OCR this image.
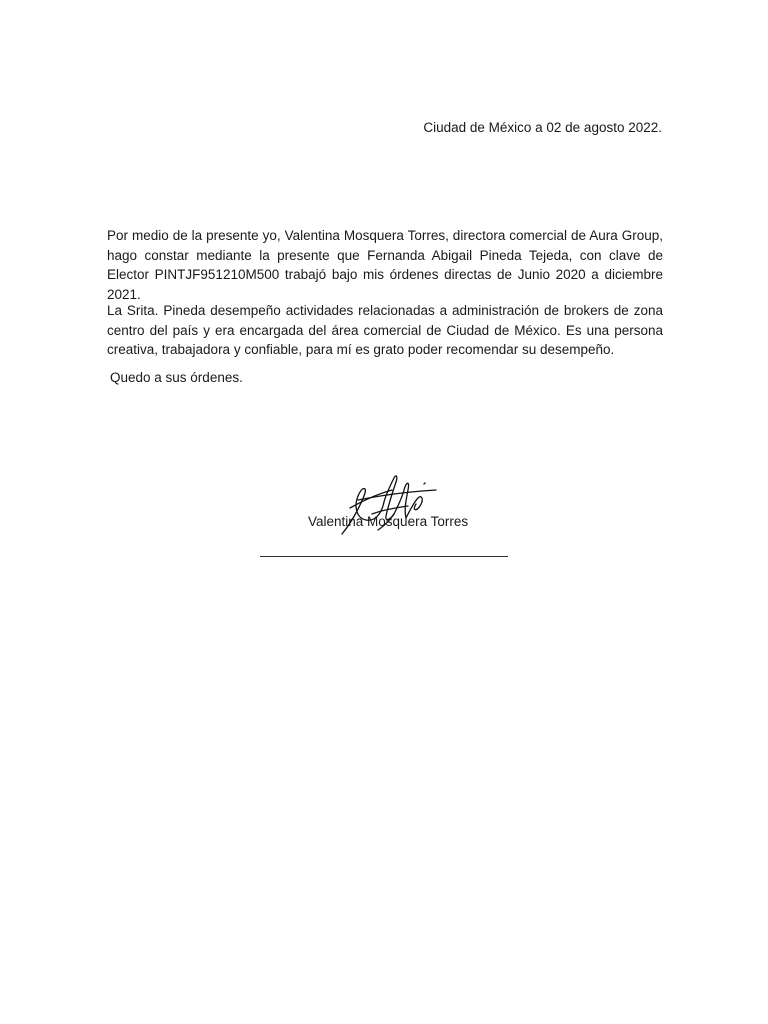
Ciudad de México a 02 de agosto 2022.

Por medio de la presente yo, Valentina Mosquera Torres, directora comercial de Aura Group, hago constar mediante la presente que Fernanda Abigail Pineda Tejeda, con clave de Elector PINTJF951210M500 trabajó bajo mis órdenes directas de Junio 2020 a diciembre 2021.

La Srita. Pineda desempeño actividades relacionadas a administración de brokers de zona centro del país y era encargada del área comercial de Ciudad de México. Es una persona creativa, trabajadora y confiable, para mí es grato poder recomendar su desempeño.

Quedo a sus órdenes.

Valentina Mosquera Torres
